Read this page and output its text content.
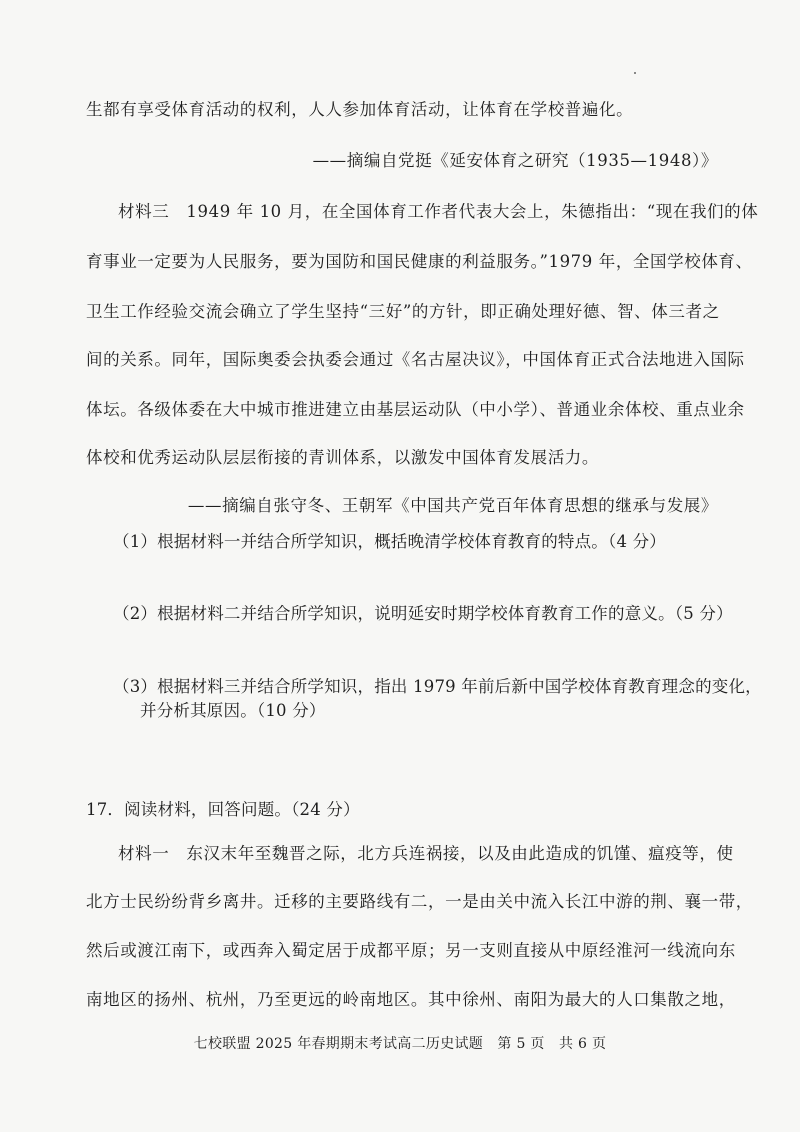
生都有享受体育活动的权利，人人参加体育活动，让体育在学校普遍化。
——摘编自党挺《延安体育之研究（1935—1948）》
材料三　1949 年 10 月，在全国体育工作者代表大会上，朱德指出：“现在我们的体
育事业一定要为人民服务，要为国防和国民健康的利益服务。”1979 年，全国学校体育、
卫生工作经验交流会确立了学生坚持“三好”的方针，即正确处理好德、智、体三者之
间的关系。同年，国际奥委会执委会通过《名古屋决议》，中国体育正式合法地进入国际
体坛。各级体委在大中城市推进建立由基层运动队（中小学）、普通业余体校、重点业余
体校和优秀运动队层层衔接的青训体系，以激发中国体育发展活力。
——摘编自张守冬、王朝军《中国共产党百年体育思想的继承与发展》
（1）根据材料一并结合所学知识，概括晚清学校体育教育的特点。（4 分）
（2）根据材料二并结合所学知识，说明延安时期学校体育教育工作的意义。（5 分）
（3）根据材料三并结合所学知识，指出 1979 年前后新中国学校体育教育理念的变化，
并分析其原因。（10 分）
17．阅读材料，回答问题。（24 分）
材料一　东汉末年至魏晋之际，北方兵连祸接，以及由此造成的饥馑、瘟疫等，使
北方士民纷纷背乡离井。迁移的主要路线有二，一是由关中流入长江中游的荆、襄一带，
然后或渡江南下，或西奔入蜀定居于成都平原；另一支则直接从中原经淮河一线流向东
南地区的扬州、杭州，乃至更远的岭南地区。其中徐州、南阳为最大的人口集散之地，
七校联盟 2025 年春期期末考试高二历史试题　第 5 页　共 6 页
